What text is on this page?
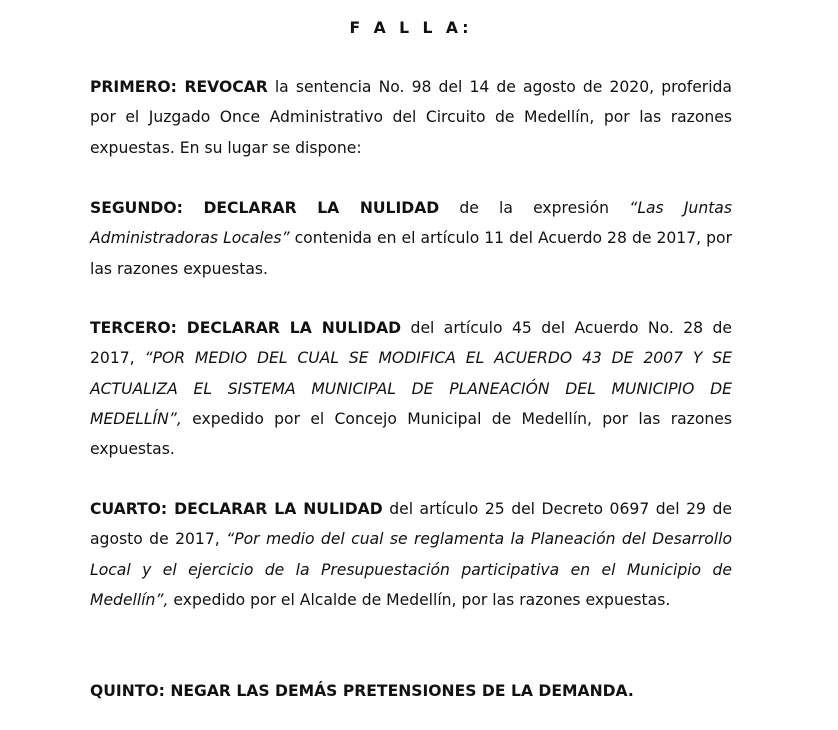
F A L L A:

PRIMERO: REVOCAR la sentencia No. 98 del 14 de agosto de 2020, proferida por el Juzgado Once Administrativo del Circuito de Medellín, por las razones expuestas. En su lugar se dispone:

SEGUNDO: DECLARAR LA NULIDAD de la expresión “Las Juntas Administradoras Locales” contenida en el artículo 11 del Acuerdo 28 de 2017, por las razones expuestas.

TERCERO: DECLARAR LA NULIDAD del artículo 45 del Acuerdo No. 28 de 2017, “POR MEDIO DEL CUAL SE MODIFICA EL ACUERDO 43 DE 2007 Y SE ACTUALIZA EL SISTEMA MUNICIPAL DE PLANEACIÓN DEL MUNICIPIO DE MEDELLÍN”, expedido por el Concejo Municipal de Medellín, por las razones expuestas.

CUARTO: DECLARAR LA NULIDAD del artículo 25 del Decreto 0697 del 29 de agosto de 2017, “Por medio del cual se reglamenta la Planeación del Desarrollo Local y el ejercicio de la Presupuestación participativa en el Municipio de Medellín”, expedido por el Alcalde de Medellín, por las razones expuestas.

QUINTO: NEGAR LAS DEMÁS PRETENSIONES DE LA DEMANDA.
